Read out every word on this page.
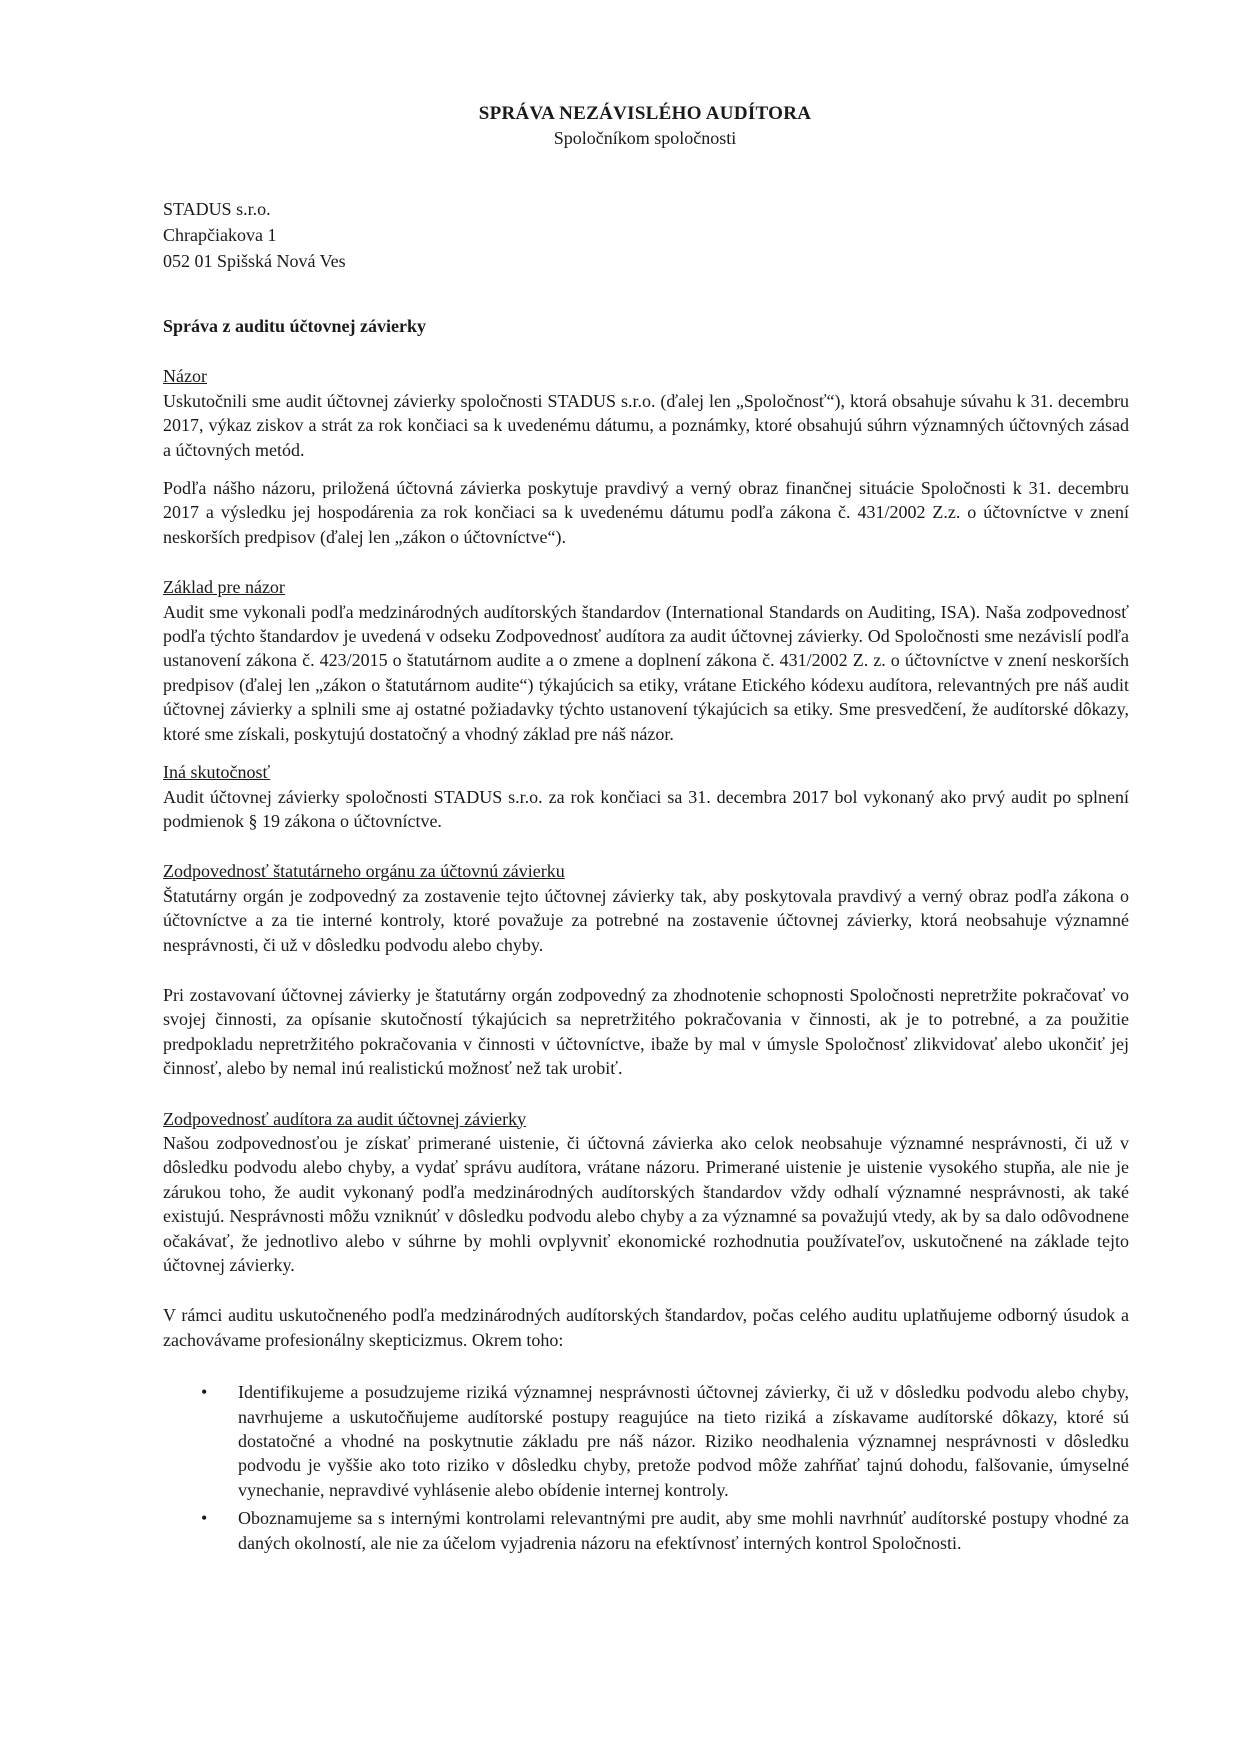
SPRÁVA NEZÁVISLÉHO AUDÍTORA
Spoločníkom spoločnosti
STADUS s.r.o.
Chrapčiakova 1
052 01 Spišská Nová Ves
Správa z auditu účtovnej závierky
Názor

Uskutočnili sme audit účtovnej závierky spoločnosti STADUS s.r.o. (ďalej len „Spoločnosť“), ktorá obsahuje súvahu k 31. decembru 2017, výkaz ziskov a strát za rok končiaci sa k uvedenému dátumu, a poznámky, ktoré obsahujú súhrn významných účtovných zásad a účtovných metód.

Podľa nášho názoru, priložená účtovná závierka poskytuje pravdivý a verný obraz finančnej situácie Spoločnosti k 31. decembru 2017 a výsledku jej hospodárenia za rok končiaci sa k uvedenému dátumu podľa zákona č. 431/2002 Z.z. o účtovníctve v znení neskorších predpisov (ďalej len „zákon o účtovníctve“).

Základ pre názor

Audit sme vykonali podľa medzinárodných audítorských štandardov (International Standards on Auditing, ISA). Naša zodpovednosť podľa týchto štandardov je uvedená v odseku Zodpovednosť audítora za audit účtovnej závierky. Od Spoločnosti sme nezávislí podľa ustanovení zákona č. 423/2015 o štatutárnom audite a o zmene a doplnení zákona č. 431/2002 Z. z. o účtovníctve v znení neskorších predpisov (ďalej len „zákon o štatutárnom audite“) týkajúcich sa etiky, vrátane Etického kódexu audítora, relevantných pre náš audit účtovnej závierky a splnili sme aj ostatné požiadavky týchto ustanovení týkajúcich sa etiky. Sme presvedčení, že audítorské dôkazy, ktoré sme získali, poskytujú dostatočný a vhodný základ pre náš názor.

Iná skutočnosť

Audit účtovnej závierky spoločnosti STADUS s.r.o. za rok končiaci sa 31. decembra 2017 bol vykonaný ako prvý audit po splnení podmienok § 19 zákona o účtovníctve.

Zodpovednosť štatutárneho orgánu za účtovnú závierku

Štatutárny orgán je zodpovedný za zostavenie tejto účtovnej závierky tak, aby poskytovala pravdivý a verný obraz podľa zákona o účtovníctve a za tie interné kontroly, ktoré považuje za potrebné na zostavenie účtovnej závierky, ktorá neobsahuje významné nesprávnosti, či už v dôsledku podvodu alebo chyby.

Pri zostavovaní účtovnej závierky je štatutárny orgán zodpovedný za zhodnotenie schopnosti Spoločnosti nepretržite pokračovať vo svojej činnosti, za opísanie skutočností týkajúcich sa nepretržitého pokračovania v činnosti, ak je to potrebné, a za použitie predpokladu nepretržitého pokračovania v činnosti v účtovníctve, ibaže by mal v úmysle Spoločnosť zlikvidovať alebo ukončiť jej činnosť, alebo by nemal inú realistickú možnosť než tak urobiť.

Zodpovednosť audítora za audit účtovnej závierky

Našou zodpovednosťou je získať primerané uistenie, či účtovná závierka ako celok neobsahuje významné nesprávnosti, či už v dôsledku podvodu alebo chyby, a vydať správu audítora, vrátane názoru. Primerané uistenie je uistenie vysokého stupňa, ale nie je zárukou toho, že audit vykonaný podľa medzinárodných audítorských štandardov vždy odhalí významné nesprávnosti, ak také existujú. Nesprávnosti môžu vzniknúť v dôsledku podvodu alebo chyby a za významné sa považujú vtedy, ak by sa dalo odôvodnene očakávať, že jednotlivo alebo v súhrne by mohli ovplyvniť ekonomické rozhodnutia používateľov, uskutočnené na základe tejto účtovnej závierky.

V rámci auditu uskutočneného podľa medzinárodných audítorských štandardov, počas celého auditu uplatňujeme odborný úsudok a zachovávame profesionálny skepticizmus. Okrem toho:

• Identifikujeme a posudzujeme riziká významnej nesprávnosti účtovnej závierky, či už v dôsledku podvodu alebo chyby, navrhujeme a uskutočňujeme audítorské postupy reagujúce na tieto riziká a získavame audítorské dôkazy, ktoré sú dostatočné a vhodné na poskytnutie základu pre náš názor. Riziko neodhalenia významnej nesprávnosti v dôsledku podvodu je vyššie ako toto riziko v dôsledku chyby, pretože podvod môže zahŕňať tajnú dohodu, falšovanie, úmyselné vynechanie, nepravdivé vyhlásenie alebo obídenie internej kontroly.
• Oboznamujeme sa s internými kontrolami relevantnými pre audit, aby sme mohli navrhnúť audítorské postupy vhodné za daných okolností, ale nie za účelom vyjadrenia názoru na efektívnosť interných kontrol Spoločnosti.
